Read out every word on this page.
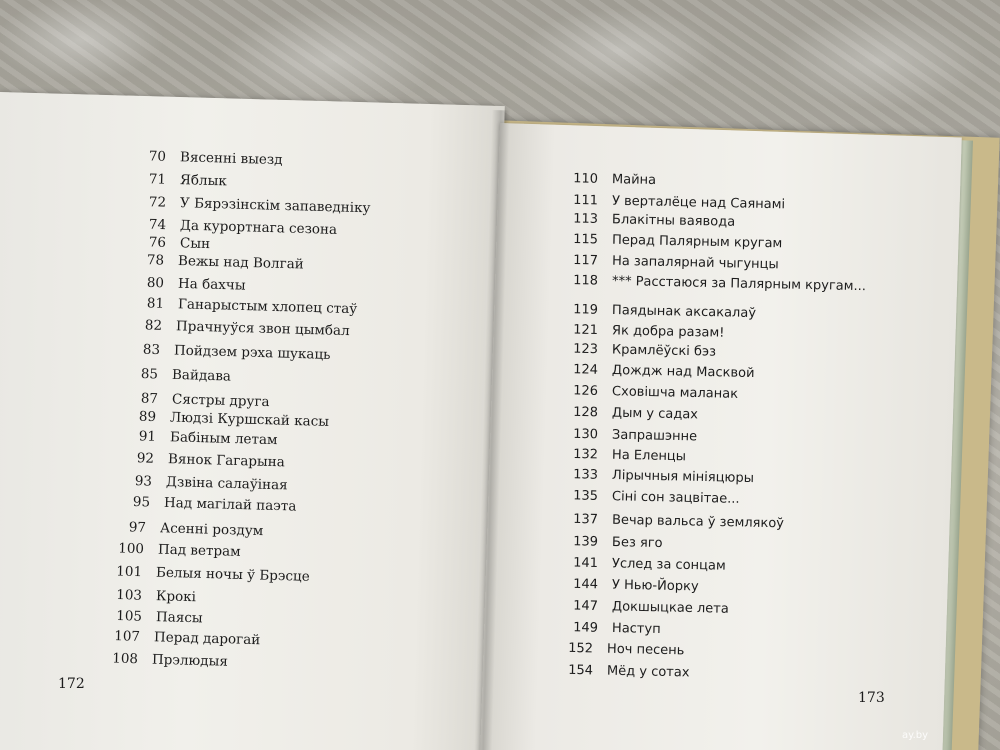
70 Вясенні выезд
71 Яблык
72 У Бярэзінскім запаведніку
74 Да курортнага сезона
76 Сын
78 Вежы над Волгай
80 На бахчы
81 Ганарыстым хлопец стаў
82 Прачнуўся звон цымбал
83 Пойдзем рэха шукаць
85 Вайдава
87 Сястры друга
89 Людзі Куршскай касы
91 Бабіным летам
92 Вянок Гагарына
93 Дзвіна салаўіная
95 Над магілай паэта
97 Асенні роздум
100 Пад ветрам
101 Белыя ночы ў Брэсце
103 Крокі
105 Паясы
107 Перад дарогай
108 Прэлюдыя
110 Майна
111 У верталёце над Саянамі
113 Блакітны ваявода
115 Перад Палярным кругам
117 На запалярнай чыгунцы
118 *** Расстаюся за Палярным кругам...
119 Паядынак аксакалаў
121 Як добра разам!
123 Крамлёўскі бэз
124 Дождж над Масквой
126 Сховішча маланак
128 Дым у садах
130 Запрашэнне
132 На Еленцы
133 Лірычныя мініяцюры
135 Сіні сон зацвітае...
137 Вечар вальса ў землякоў
139 Без яго
141 Услед за сонцам
144 У Нью-Йорку
147 Докшыцкае лета
149 Наступ
152 Ноч песень
154 Мёд у сотах
172
173
ay.by
